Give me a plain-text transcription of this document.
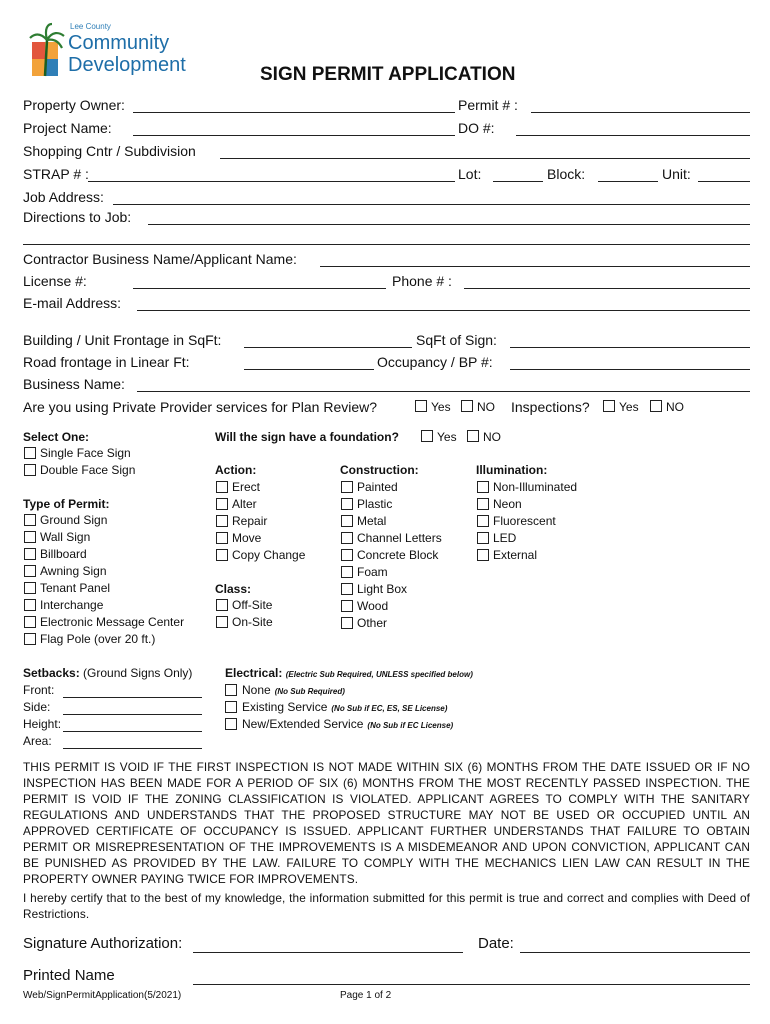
Lee County
Community
Development	SIGN PERMIT APPLICATION
Property Owner:	Permit # :
Project Name:	DO #:
Shopping Cntr / Subdivision
STRAP # :	Lot:	Block:	Unit:
Job Address:
Directions to Job:
Contractor Business Name/Applicant Name:
License #:	Phone # :
E-mail Address:
Building / Unit Frontage in SqFt:	SqFt of Sign:
Road frontage in Linear Ft:	Occupancy / BP #:
Business Name:
Are you using Private Provider services for Plan Review?	Yes NO Inspections? Yes NO
Select One:
Single Face Sign
Double Face Sign
Will the sign have a foundation?	Yes NO
Type of Permit:
Ground Sign
Wall Sign
Billboard
Awning Sign
Tenant Panel
Interchange
Electronic Message Center
Flag Pole (over 20 ft.)
Action:
Erect
Alter
Repair
Move
Copy Change
Class:
Off-Site
On-Site
Construction:
Painted
Plastic
Metal
Channel Letters
Concrete Block
Foam
Light Box
Wood
Other
Illumination:
Non-Illuminated
Neon
Fluorescent
LED
External
Setbacks: (Ground Signs Only)
Front:
Side:
Height:
Area:
Electrical: (Electric Sub Required, UNLESS specified below)
None (No Sub Required)
Existing Service (No Sub if EC, ES, SE License)
New/Extended Service (No Sub if EC License)
THIS PERMIT IS VOID IF THE FIRST INSPECTION IS NOT MADE WITHIN SIX (6) MONTHS FROM THE DATE ISSUED OR IF NO INSPECTION HAS BEEN MADE FOR A PERIOD OF SIX (6) MONTHS FROM THE MOST RECENTLY PASSED INSPECTION. THE PERMIT IS VOID IF THE ZONING CLASSIFICATION IS VIOLATED. APPLICANT AGREES TO COMPLY WITH THE SANITARY REGULATIONS AND UNDERSTANDS THAT THE PROPOSED STRUCTURE MAY NOT BE USED OR OCCUPIED UNTIL AN APPROVED CERTIFICATE OF OCCUPANCY IS ISSUED. APPLICANT FURTHER UNDERSTANDS THAT FAILURE TO OBTAIN PERMIT OR MISREPRESENTATION OF THE IMPROVEMENTS IS A MISDEMEANOR AND UPON CONVICTION, APPLICANT CAN BE PUNISHED AS PROVIDED BY THE LAW. FAILURE TO COMPLY WITH THE MECHANICS LIEN LAW CAN RESULT IN THE PROPERTY OWNER PAYING TWICE FOR IMPROVEMENTS.
I hereby certify that to the best of my knowledge, the information submitted for this permit is true and correct and complies with Deed of Restrictions.
Signature Authorization:	Date:
Printed Name
Web/SignPermitApplication(5/2021)	Page 1 of 2
